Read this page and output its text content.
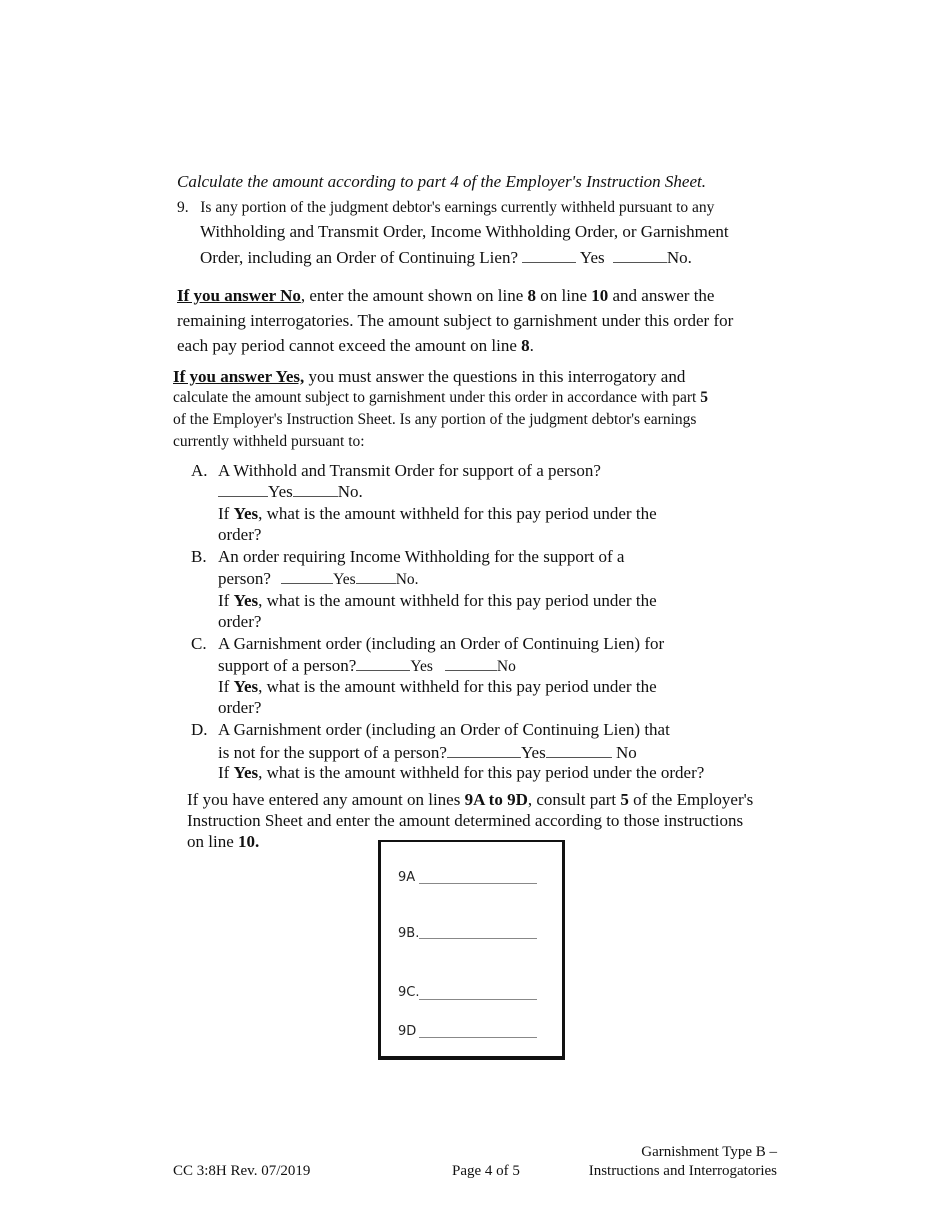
Calculate the amount according to part 4 of the Employer's Instruction Sheet.
9. Is any portion of the judgment debtor's earnings currently withheld pursuant to any
Withholding and Transmit Order, Income Withholding Order, or Garnishment
Order, including an Order of Continuing Lien?	Yes	No.
If you answer No, enter the amount shown on line 8 on line 10 and answer the
remaining interrogatories. The amount subject to garnishment under this order for
each pay period cannot exceed the amount on line 8.
If you answer Yes, you must answer the questions in this interrogatory and
calculate the amount subject to garnishment under this order in accordance with part 5
of the Employer's Instruction Sheet. Is any portion of the judgment debtor's earnings
currently withheld pursuant to:
A. A Withhold and Transmit Order for support of a person?
Yes	No.
If Yes, what is the amount withheld for this pay period under the
order?
B. An order requiring Income Withholding for the support of a
person?	Yes	No.
If Yes, what is the amount withheld for this pay period under the
order?
C. A Garnishment order (including an Order of Continuing Lien) for
support of a person?	Yes	No
If Yes, what is the amount withheld for this pay period under the
order?
D. A Garnishment order (including an Order of Continuing Lien) that
is not for the support of a person?	Yes	No
If Yes, what is the amount withheld for this pay period under the order?
If you have entered any amount on lines 9A to 9D, consult part 5 of the Employer's
Instruction Sheet and enter the amount determined according to those instructions
on line 10.
9A
9B.
9C.
9D
CC 3:8H Rev. 07/2019	Page 4 of 5
Garnishment Type B –
Instructions and Interrogatories
